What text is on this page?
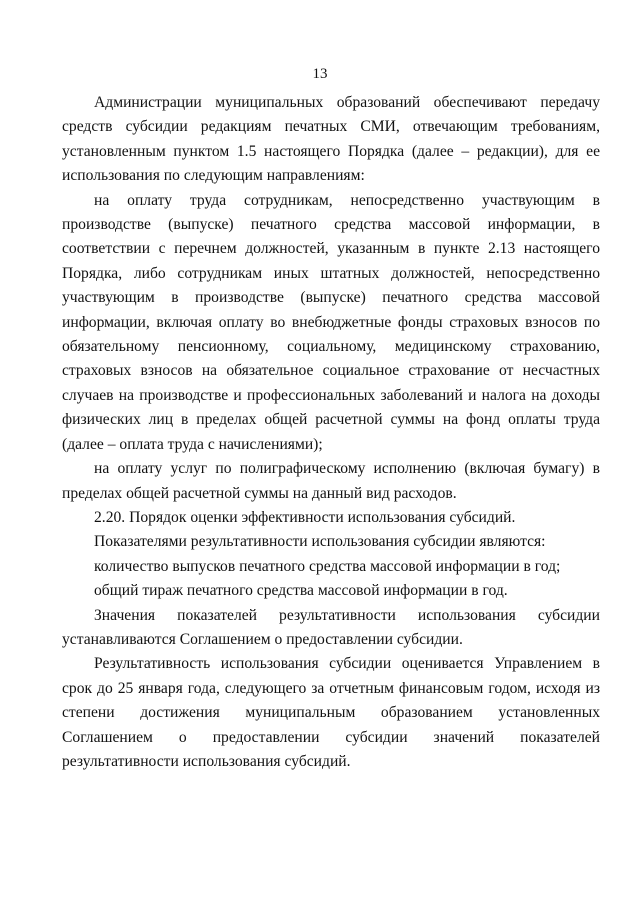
13

Администрации муниципальных образований обеспечивают передачу средств субсидии редакциям печатных СМИ, отвечающим требованиям, установленным пунктом 1.5 настоящего Порядка (далее – редакции), для ее использования по следующим направлениям:

на оплату труда сотрудникам, непосредственно участвующим в производстве (выпуске) печатного средства массовой информации, в соответствии с перечнем должностей, указанным в пункте 2.13 настоящего Порядка, либо сотрудникам иных штатных должностей, непосредственно участвующим в производстве (выпуске) печатного средства массовой информации, включая оплату во внебюджетные фонды страховых взносов по обязательному пенсионному, социальному, медицинскому страхованию, страховых взносов на обязательное социальное страхование от несчастных случаев на производстве и профессиональных заболеваний и налога на доходы физических лиц в пределах общей расчетной суммы на фонд оплаты труда (далее – оплата труда с начислениями);

на оплату услуг по полиграфическому исполнению (включая бумагу) в пределах общей расчетной суммы на данный вид расходов.

2.20. Порядок оценки эффективности использования субсидий.

Показателями результативности использования субсидии являются:

количество выпусков печатного средства массовой информации в год;

общий тираж печатного средства массовой информации в год.

Значения показателей результативности использования субсидии устанавливаются Соглашением о предоставлении субсидии.

Результативность использования субсидии оценивается Управлением в срок до 25 января года, следующего за отчетным финансовым годом, исходя из степени достижения муниципальным образованием установленных Соглашением о предоставлении субсидии значений показателей результативности использования субсидий.
